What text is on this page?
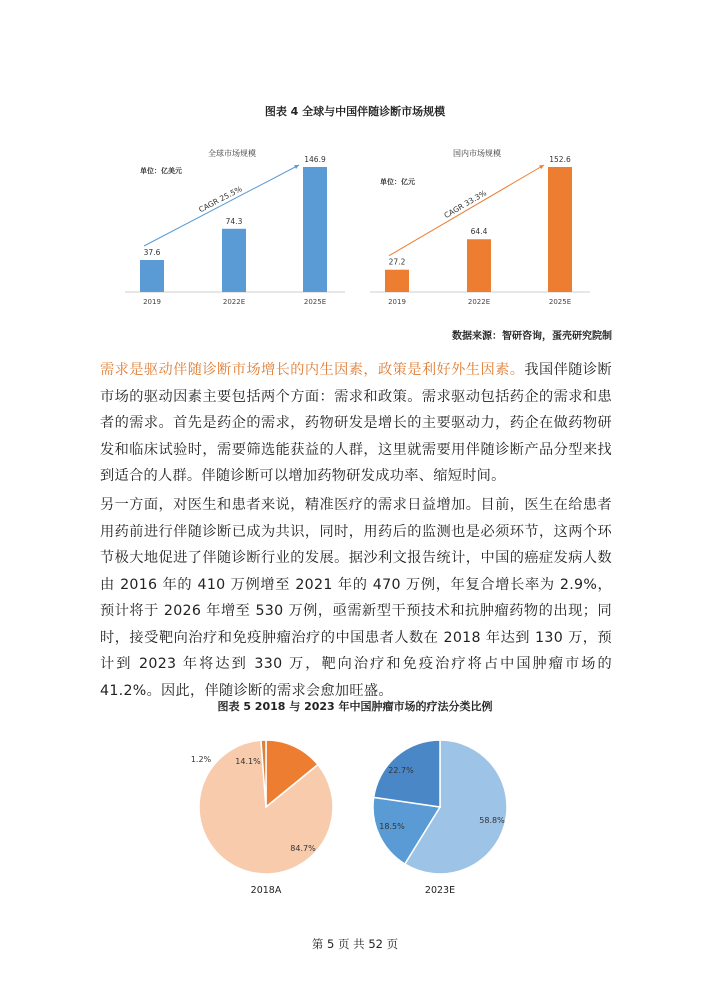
图表 4 全球与中国伴随诊断市场规模
全球市场规模
单位：亿美元
37.6
2019
74.3
2022E
146.9
2025E
CAGR 25.5%
国内市场规模
单位：亿元
27.2
2019
64.4
2022E
152.6
2025E
CAGR 33.3%
数据来源：智研咨询，蛋壳研究院制
需求是驱动伴随诊断市场增长的内生因素，政策是利好外生因素。我国伴随诊断市场的驱动因素主要包括两个方面：需求和政策。需求驱动包括药企的需求和患者的需求。首先是药企的需求，药物研发是增长的主要驱动力，药企在做药物研发和临床试验时，需要筛选能获益的人群，这里就需要用伴随诊断产品分型来找到适合的人群。伴随诊断可以增加药物研发成功率、缩短时间。
另一方面，对医生和患者来说，精准医疗的需求日益增加。目前，医生在给患者用药前进行伴随诊断已成为共识，同时，用药后的监测也是必须环节，这两个环节极大地促进了伴随诊断行业的发展。据沙利文报告统计，中国的癌症发病人数由 2016 年的 410 万例增至 2021 年的 470 万例，年复合增长率为 2.9%，预计将于 2026 年增至 530 万例，亟需新型干预技术和抗肿瘤药物的出现；同时，接受靶向治疗和免疫肿瘤治疗的中国患者人数在 2018 年达到 130 万，预计到 2023 年将达到 330 万，靶向治疗和免疫治疗将占中国肿瘤市场的 41.2%。因此，伴随诊断的需求会愈加旺盛。
图表 5 2018 与 2023 年中国肿瘤市场的疗法分类比例
14.1%
84.7%
1.2%
2018A
58.8%
18.5%
22.7%
2023E
第 5 页 共 52 页
